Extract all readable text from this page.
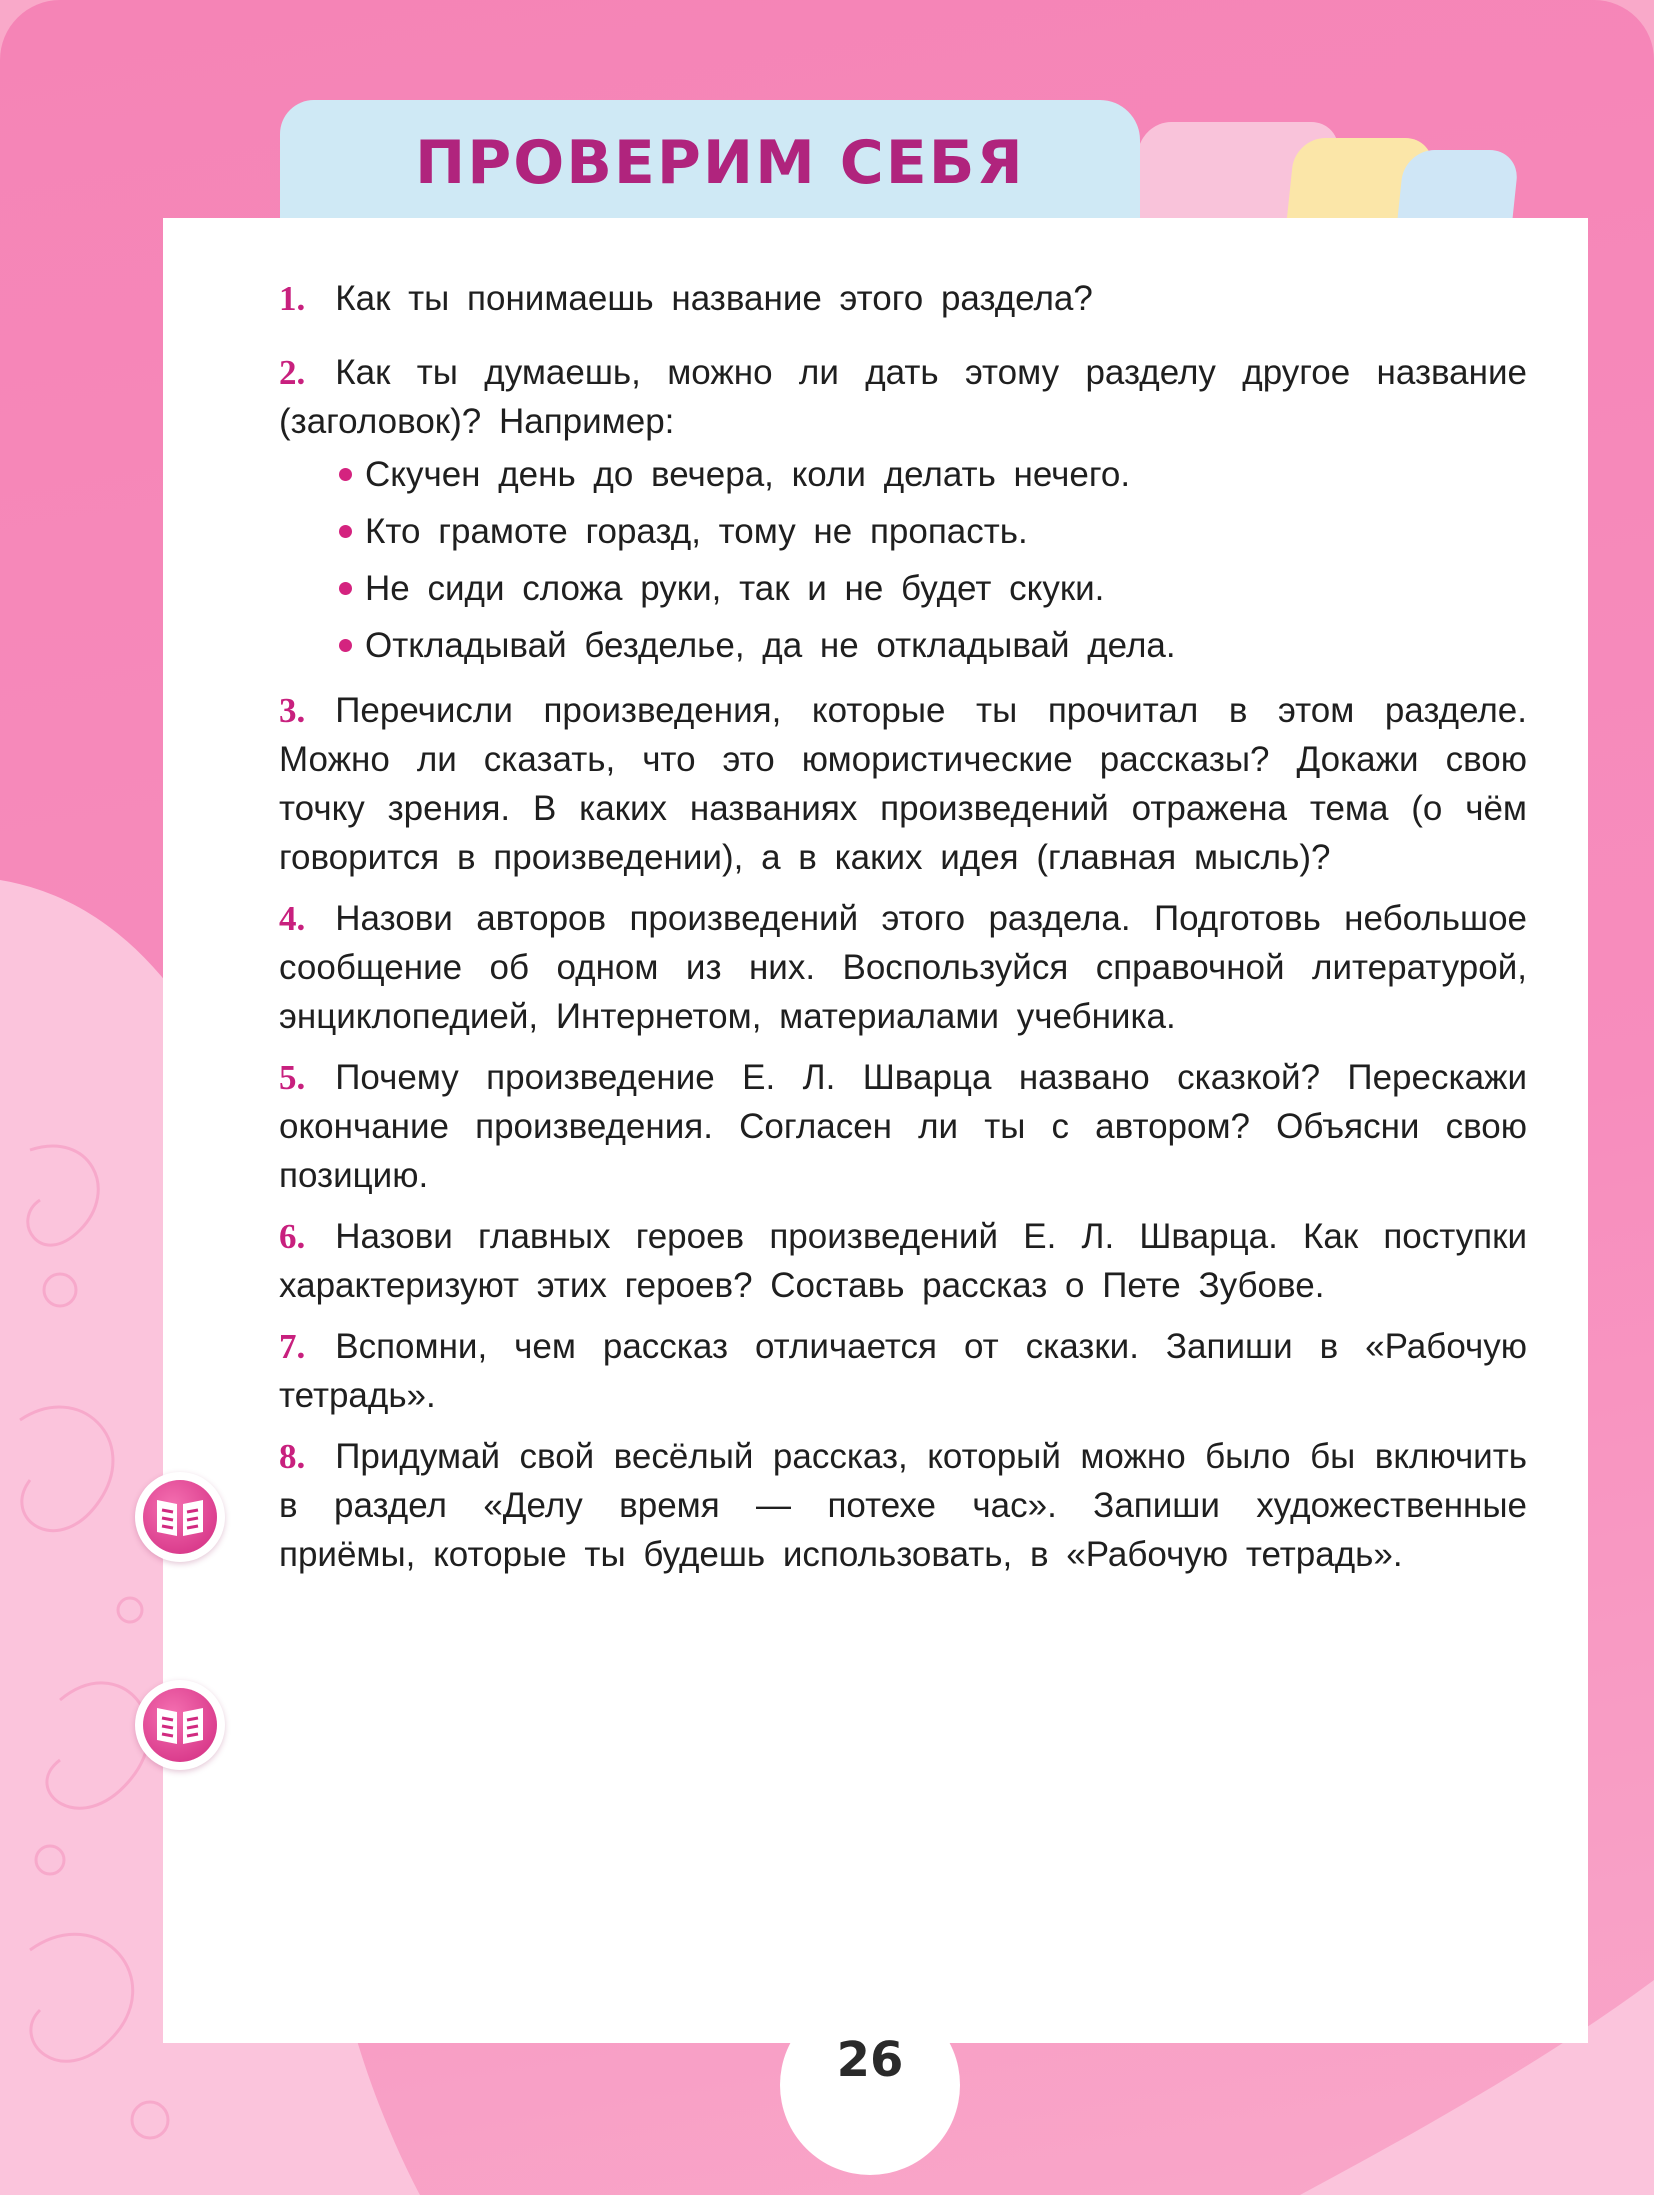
ПРОВЕРИМ СЕБЯ

1. Как ты понимаешь название этого раздела?

2. Как ты думаешь, можно ли дать этому разделу другое название (заголовок)? Например:

Скучен день до вечера, коли делать нечего.
Кто грамоте горазд, тому не пропасть.
Не сиди сложа руки, так и не будет скуки.
Откладывай безделье, да не откладывай дела.

3. Перечисли произведения, которые ты прочитал в этом разделе. Можно ли сказать, что это юмористические рассказы? Докажи свою точку зрения. В каких названиях произведений отражена тема (о чём говорится в произведении), а в каких идея (главная мысль)?

4. Назови авторов произведений этого раздела. Подготовь небольшое сообщение об одном из них. Воспользуйся справочной литературой, энциклопедией, Интернетом, материалами учебника.

5. Почему произведение Е. Л. Шварца названо сказкой? Перескажи окончание произведения. Согласен ли ты с автором? Объясни свою позицию.

6. Назови главных героев произведений Е. Л. Шварца. Как поступки характеризуют этих героев? Составь рассказ о Пете Зубове.

7. Вспомни, чем рассказ отличается от сказки. Запиши в «Рабочую тетрадь».

8. Придумай свой весёлый рассказ, который можно было бы включить в раздел «Делу время — потехе час». Запиши художественные приёмы, которые ты будешь использовать, в «Рабочую тетрадь».

26
